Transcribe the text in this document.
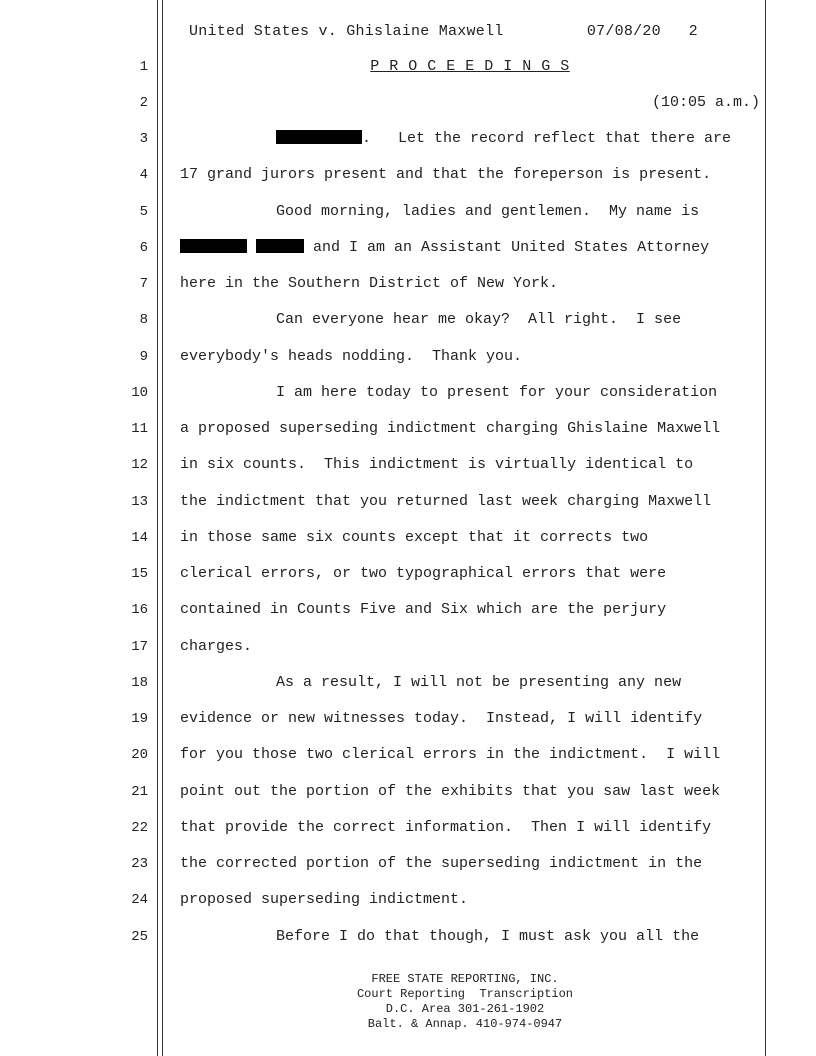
United States v. Ghislaine Maxwell	07/08/20 2
1
2
3
4
5
6
7
8
9
10
11
12
13
14
15
16
17
18
19
20
21
22
23
24
25
P R O C E E D I N G S
(10:05 a.m.)
.   Let the record reflect that there are
17 grand jurors present and that the foreperson is present.
Good morning, ladies and gentlemen.  My name is
and I am an Assistant United States Attorney
here in the Southern District of New York.
Can everyone hear me okay?  All right.  I see
everybody's heads nodding.  Thank you.
I am here today to present for your consideration
a proposed superseding indictment charging Ghislaine Maxwell
in six counts.  This indictment is virtually identical to
the indictment that you returned last week charging Maxwell
in those same six counts except that it corrects two
clerical errors, or two typographical errors that were
contained in Counts Five and Six which are the perjury
charges.
As a result, I will not be presenting any new
evidence or new witnesses today.  Instead, I will identify
for you those two clerical errors in the indictment.  I will
point out the portion of the exhibits that you saw last week
that provide the correct information.  Then I will identify
the corrected portion of the superseding indictment in the
proposed superseding indictment.
Before I do that though, I must ask you all the
FREE STATE REPORTING, INC.
Court Reporting  Transcription
D.C. Area 301-261-1902
Balt. & Annap. 410-974-0947
